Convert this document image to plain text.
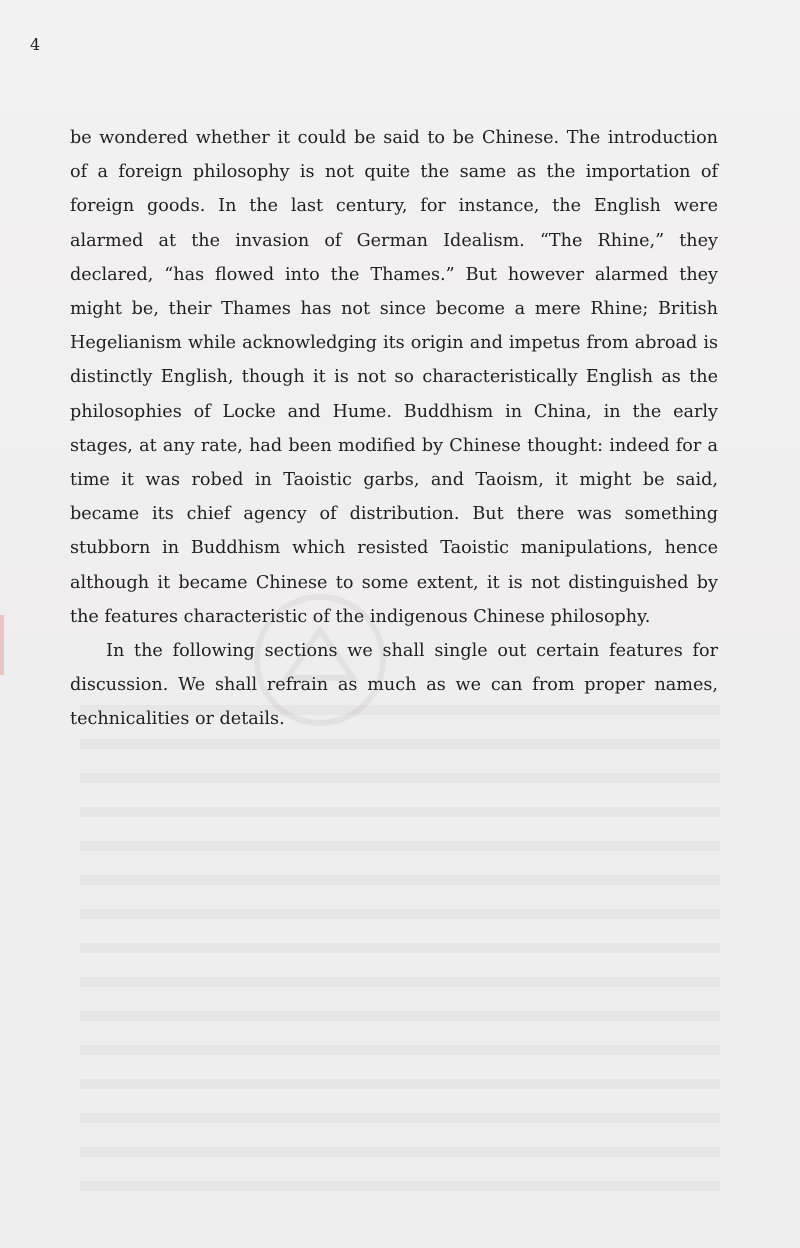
4

be wondered whether it could be said to be Chinese. The introduction of a foreign philosophy is not quite the same as the importation of foreign goods. In the last century, for instance, the English were alarmed at the invasion of German Idealism. “The Rhine,” they declared, “has flowed into the Thames.” But however alarmed they might be, their Thames has not since become a mere Rhine; British Hegelianism while acknowledging its origin and impetus from abroad is distinctly English, though it is not so characteristically English as the philosophies of Locke and Hume. Buddhism in China, in the early stages, at any rate, had been modified by Chinese thought: indeed for a time it was robed in Taoistic garbs, and Taoism, it might be said, became its chief agency of distribution. But there was something stubborn in Buddhism which resisted Taoistic manipulations, hence although it became Chinese to some extent, it is not distinguished by the features characteristic of the indigenous Chinese philosophy.

In the following sections we shall single out certain features for discussion. We shall refrain as much as we can from proper names, technicalities or details.
